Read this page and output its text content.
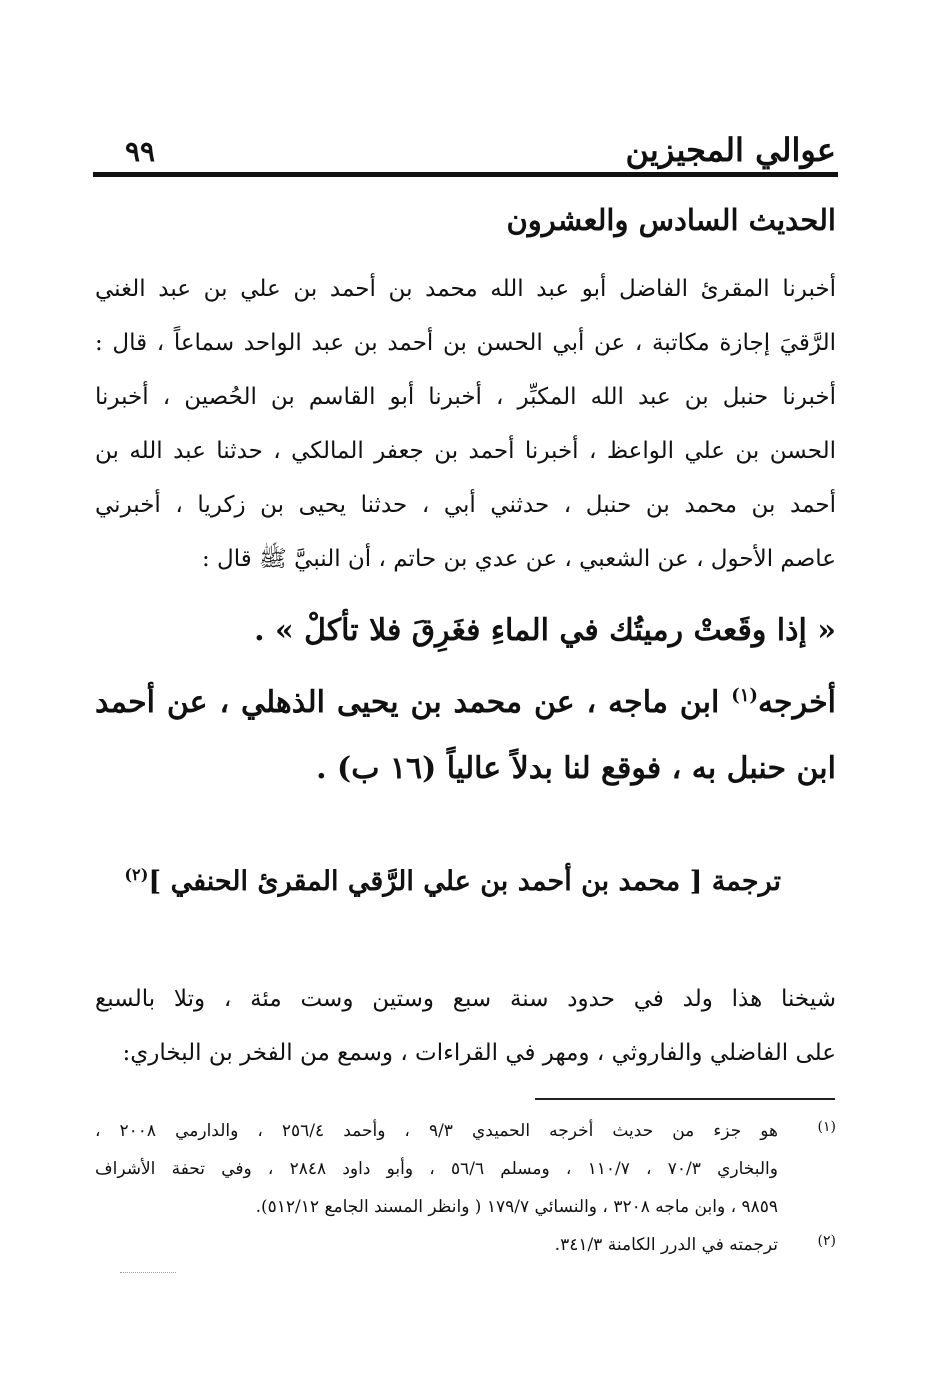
عوالي المجيزين
٩٩
الحديث السادس والعشرون
أخبرنا المقرئ الفاضل أبو عبد الله محمد بن أحمد بن علي بن عبد الغني
الرَّقيَ إجازة مكاتبة ، عن أبي الحسن بن أحمد بن عبد الواحد سماعاً ، قال :
أخبرنا حنبل بن عبد الله المكبِّر ، أخبرنا أبو القاسم بن الحُصين ، أخبرنا
الحسن بن علي الواعظ ، أخبرنا أحمد بن جعفر المالكي ، حدثنا عبد الله بن
أحمد بن محمد بن حنبل ، حدثني أبي ، حدثنا يحيى بن زكريا ، أخبرني
عاصم الأحول ، عن الشعبي ، عن عدي بن حاتم ، أن النبيَّ ﷺ قال :
« إذا وقَعتْ رميتُك في الماءِ فغَرِقَ فلا تأكلْ » .
أخرجه$^{(١)}$ ابن ماجه ، عن محمد بن يحيى الذهلي ، عن أحمد
ابن حنبل به ، فوقع لنا بدلاً عالياً (١٦ ب) .
ترجمة [ محمد بن أحمد بن علي الرَّقي المقرئ الحنفي ]$^{(٢)}$
شيخنا هذا ولد في حدود سنة سبع وستين وست مئة ، وتلا بالسبع
على الفاضلي والفاروثي ، ومهر في القراءات ، وسمع من الفخر بن البخاري:
(١)
هو جزء من حديث أخرجه الحميدي ٩/٣ ، وأحمد ٢٥٦/٤ ، والدارمي ٢٠٠٨ ،
والبخاري ٧٠/٣ ، ١١٠/٧ ، ومسلم ٥٦/٦ ، وأبو داود ٢٨٤٨ ، وفي تحفة الأشراف
٩٨٥٩ ، وابن ماجه ٣٢٠٨ ، والنسائي ١٧٩/٧ ( وانظر المسند الجامع ٥١٢/١٢).
(٢)
ترجمته في الدرر الكامنة ٣٤١/٣.
